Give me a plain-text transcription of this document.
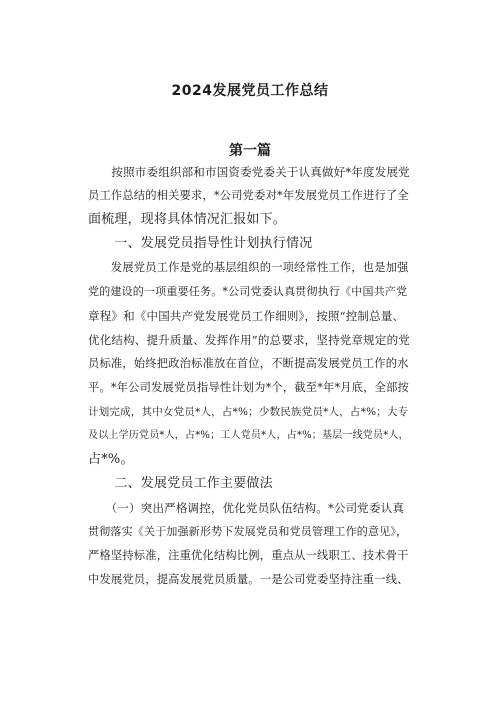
2024发展党员工作总结
第一篇
　　按照市委组织部和市国资委党委关于认真做好*年度发展党
员工作总结的相关要求，*公司党委对*年发展党员工作进行了全
面梳理，现将具体情况汇报如下。
　　一、发展党员指导性计划执行情况
　　发展党员工作是党的基层组织的一项经常性工作，也是加强
党的建设的一项重要任务。*公司党委认真贯彻执行《中国共产党
章程》和《中国共产党发展党员工作细则》，按照“控制总量、
优化结构、提升质量、发挥作用”的总要求，坚持党章规定的党
员标准，始终把政治标准放在首位，不断提高发展党员工作的水
平。*年公司发展党员指导性计划为*个，截至*年*月底，全部按
计划完成，其中女党员*人，占*%；少数民族党员*人，占*%；大专
及以上学历党员*人，占*%；工人党员*人，占*%；基层一线党员*人，
占*%。
　　二、发展党员工作主要做法
　　（一）突出严格调控，优化党员队伍结构。*公司党委认真
贯彻落实《关于加强新形势下发展党员和党员管理工作的意见》，
严格坚持标准，注重优化结构比例，重点从一线职工、技术骨干
中发展党员，提高发展党员质量。一是公司党委坚持注重一线、
